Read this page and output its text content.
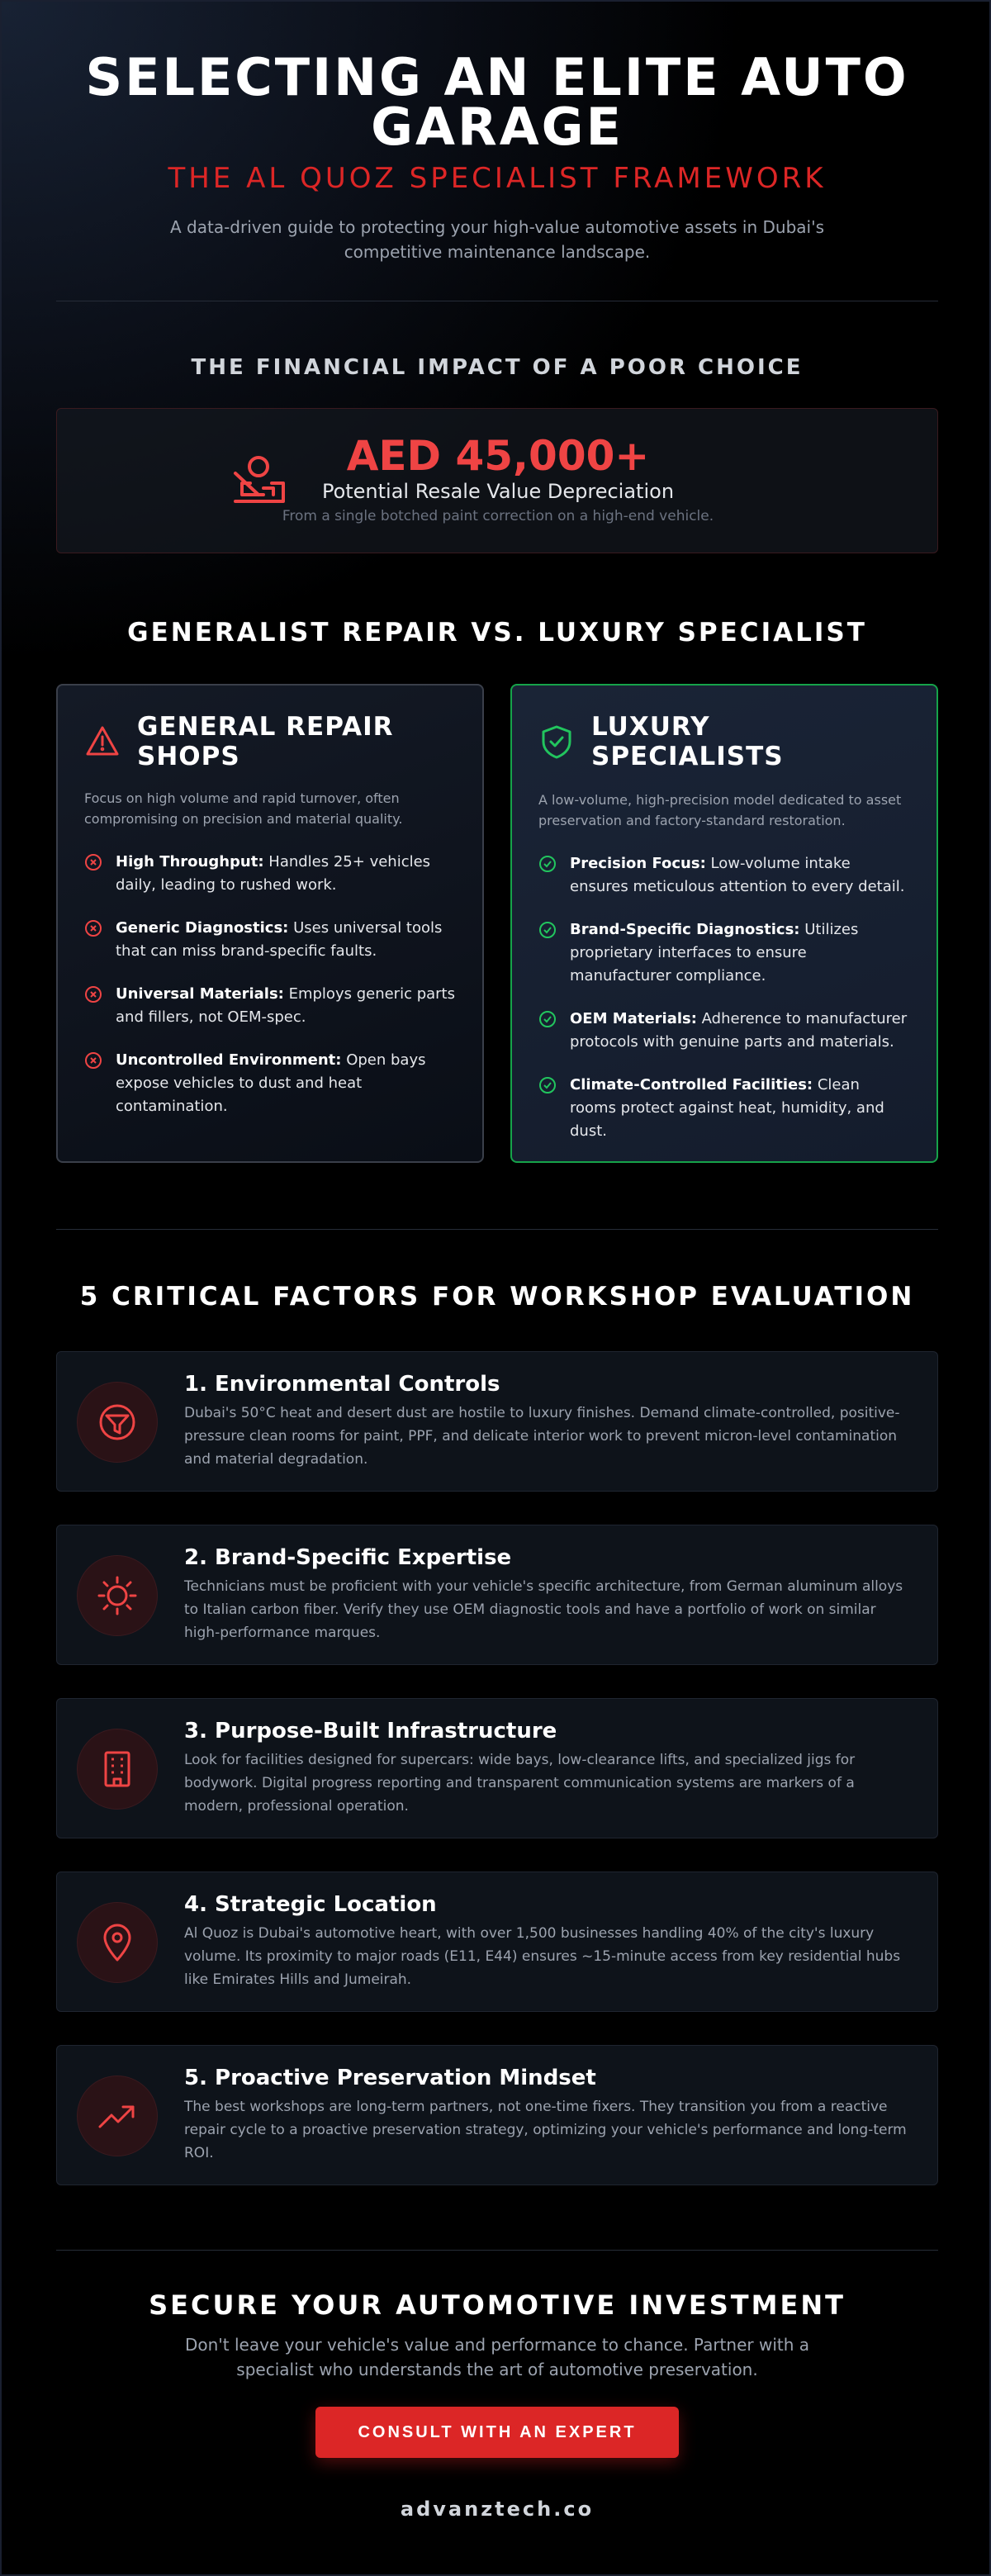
SELECTING AN ELITE AUTO
GARAGE
THE AL QUOZ SPECIALIST FRAMEWORK
A data-driven guide to protecting your high-value automotive assets in Dubai's competitive maintenance landscape.
THE FINANCIAL IMPACT OF A POOR CHOICE
AED 45,000+
Potential Resale Value Depreciation
From a single botched paint correction on a high-end vehicle.
GENERALIST REPAIR VS. LUXURY SPECIALIST
GENERAL REPAIR
SHOPS
Focus on high volume and rapid turnover, often compromising on precision and material quality.
High Throughput: Handles 25+ vehicles daily, leading to rushed work.
Generic Diagnostics: Uses universal tools that can miss brand-specific faults.
Universal Materials: Employs generic parts and fillers, not OEM-spec.
Uncontrolled Environment: Open bays expose vehicles to dust and heat contamination.
LUXURY SPECIALISTS
A low-volume, high-precision model dedicated to asset preservation and factory-standard restoration.
Precision Focus: Low-volume intake ensures meticulous attention to every detail.
Brand-Specific Diagnostics: Utilizes proprietary interfaces to ensure manufacturer compliance.
OEM Materials: Adherence to manufacturer protocols with genuine parts and materials.
Climate-Controlled Facilities: Clean rooms protect against heat, humidity, and dust.
5 CRITICAL FACTORS FOR WORKSHOP EVALUATION
1. Environmental Controls

Dubai's 50°C heat and desert dust are hostile to luxury finishes. Demand climate-controlled, positive-pressure clean rooms for paint, PPF, and delicate interior work to prevent micron-level contamination and material degradation.

2. Brand-Specific Expertise

Technicians must be proficient with your vehicle's specific architecture, from German aluminum alloys to Italian carbon fiber. Verify they use OEM diagnostic tools and have a portfolio of work on similar high-performance marques.

3. Purpose-Built Infrastructure

Look for facilities designed for supercars: wide bays, low-clearance lifts, and specialized jigs for bodywork. Digital progress reporting and transparent communication systems are markers of a modern, professional operation.

4. Strategic Location

Al Quoz is Dubai's automotive heart, with over 1,500 businesses handling 40% of the city's luxury volume. Its proximity to major roads (E11, E44) ensures ~15-minute access from key residential hubs like Emirates Hills and Jumeirah.

5. Proactive Preservation Mindset

The best workshops are long-term partners, not one-time fixers. They transition you from a reactive repair cycle to a proactive preservation strategy, optimizing your vehicle's performance and long-term ROI.

SECURE YOUR AUTOMOTIVE INVESTMENT
Don't leave your vehicle's value and performance to chance. Partner with a specialist who understands the art of automotive preservation.
CONSULT WITH AN EXPERT
advanztech.co
